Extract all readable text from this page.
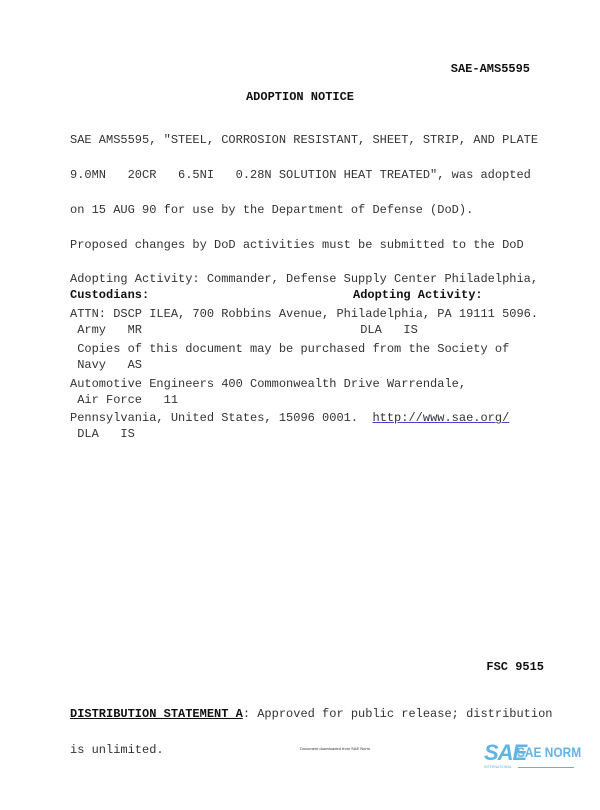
SAE-AMS5595
ADOPTION NOTICE

SAE AMS5595, "STEEL, CORROSION RESISTANT, SHEET, STRIP, AND PLATE

9.0MN   20CR   6.5NI   0.28N SOLUTION HEAT TREATED", was adopted

on 15 AUG 90 for use by the Department of Defense (DoD).

Proposed changes by DoD activities must be submitted to the DoD

Adopting Activity: Commander, Defense Supply Center Philadelphia,

ATTN: DSCP ILEA, 700 Robbins Avenue, Philadelphia, PA 19111 5096.

Copies of this document may be purchased from the Society of

Automotive Engineers 400 Commonwealth Drive Warrendale,

Pennsylvania, United States, 15096 0001.  http://www.sae.org/

Custodians:

Army   MR

Navy   AS

Air Force   11

DLA   IS

Adopting Activity:

DLA   IS

FSC 9515

DISTRIBUTION STATEMENT A: Approved for public release; distribution

is unlimited.	Document downloaded from SAE Norm

	SAE

SAE NORM

INTERNATIONAL
